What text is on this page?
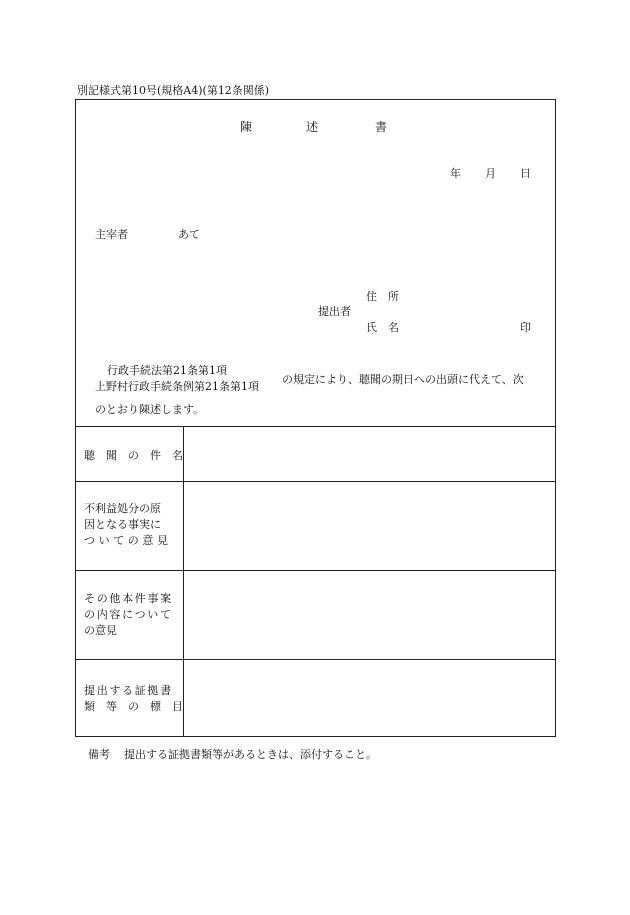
別記様式第10号(規格A4)(第12条関係)
陳	述	書
年 月 日
主宰者	あて
住　所
提出者
氏　名	印
行政手続法第21条第1項
上野村行政手続条例第21条第1項
の規定により、聴聞の期日への出頭に代えて、次
のとおり陳述します。
聴　聞　の　件　名
不利益処分の原
因となる事実に
ついての意見
その他本件事案
の内容について
の意見
提出する証拠書
類　等　の　標　目
備考 提出する証拠書類等があるときは、添付すること。
